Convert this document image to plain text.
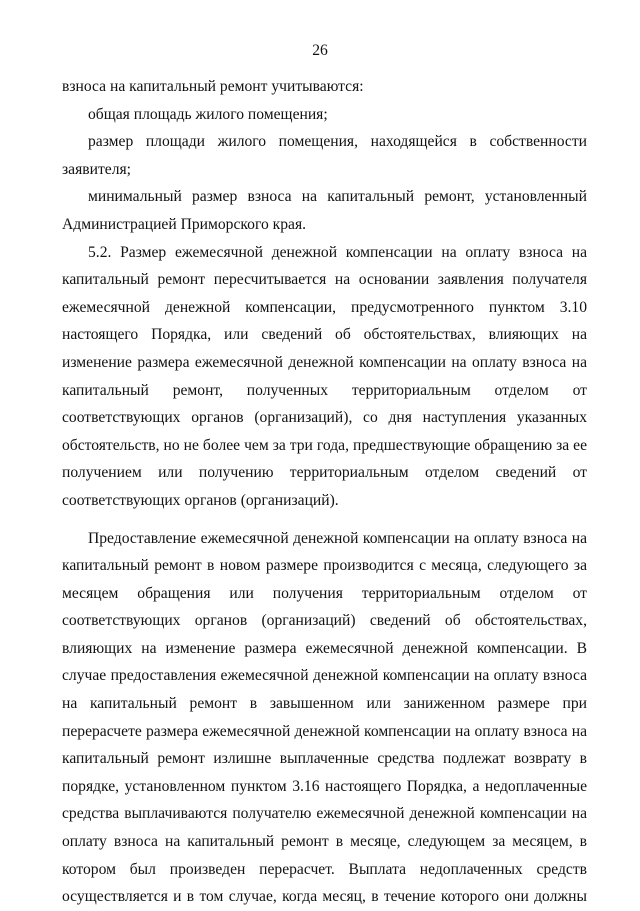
26
взноса на капитальный ремонт учитываются:
общая площадь жилого помещения;
размер площади жилого помещения, находящейся в собственности
заявителя;
минимальный размер взноса на капитальный ремонт, установленный
Администрацией Приморского края.
5.2. Размер ежемесячной денежной компенсации на оплату взноса на
капитальный ремонт пересчитывается на основании заявления получателя
ежемесячной денежной компенсации, предусмотренного пунктом 3.10
настоящего Порядка, или сведений об обстоятельствах, влияющих на
изменение размера ежемесячной денежной компенсации на оплату взноса на
капитальный ремонт, полученных территориальным отделом от
соответствующих органов (организаций), со дня наступления указанных
обстоятельств, но не более чем за три года, предшествующие обращению за ее
получением или получению территориальным отделом сведений от
соответствующих органов (организаций).
Предоставление ежемесячной денежной компенсации на оплату взноса на
капитальный ремонт в новом размере производится с месяца, следующего за
месяцем обращения или получения территориальным отделом от
соответствующих органов (организаций) сведений об обстоятельствах,
влияющих на изменение размера ежемесячной денежной компенсации. В
случае предоставления ежемесячной денежной компенсации на оплату взноса
на капитальный ремонт в завышенном или заниженном размере при
перерасчете размера ежемесячной денежной компенсации на оплату взноса на
капитальный ремонт излишне выплаченные средства подлежат возврату в
порядке, установленном пунктом 3.16 настоящего Порядка, а недоплаченные
средства выплачиваются получателю ежемесячной денежной компенсации на
оплату взноса на капитальный ремонт в месяце, следующем за месяцем, в
котором был произведен перерасчет. Выплата недоплаченных средств
осуществляется и в том случае, когда месяц, в течение которого они должны
